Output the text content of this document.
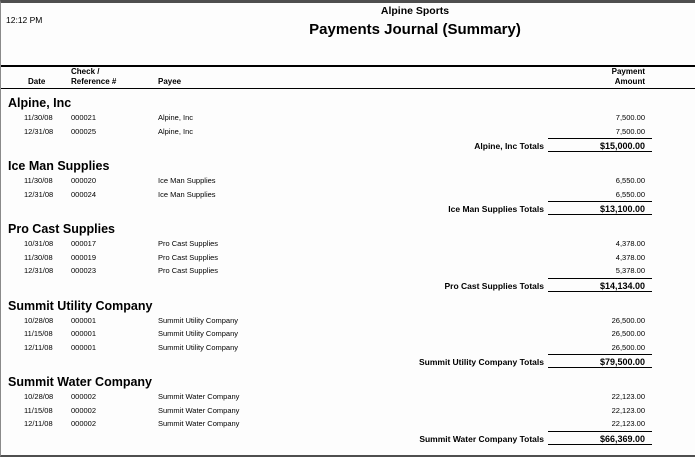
12:12 PM
Alpine Sports
Payments Journal (Summary)
Date
Check /
Reference #	Payee
Payment
Amount
Alpine, Inc
11/30/08	000021	Alpine, Inc	7,500.00
12/31/08	000025	Alpine, Inc	7,500.00
Alpine, Inc Totals	$15,000.00
Ice Man Supplies
11/30/08	000020	Ice Man Supplies	6,550.00
12/31/08	000024	Ice Man Supplies	6,550.00
Ice Man Supplies Totals	$13,100.00
Pro Cast Supplies
10/31/08	000017	Pro Cast Supplies	4,378.00
11/30/08	000019	Pro Cast Supplies	4,378.00
12/31/08	000023	Pro Cast Supplies	5,378.00
Pro Cast Supplies Totals	$14,134.00
Summit Utility Company
10/28/08	000001	Summit Utility Company	26,500.00
11/15/08	000001	Summit Utility Company	26,500.00
12/11/08	000001	Summit Utility Company	26,500.00
Summit Utility Company Totals	$79,500.00
Summit Water Company
10/28/08	000002	Summit Water Company	22,123.00
11/15/08	000002	Summit Water Company	22,123.00
12/11/08	000002	Summit Water Company	22,123.00
Summit Water Company Totals	$66,369.00
